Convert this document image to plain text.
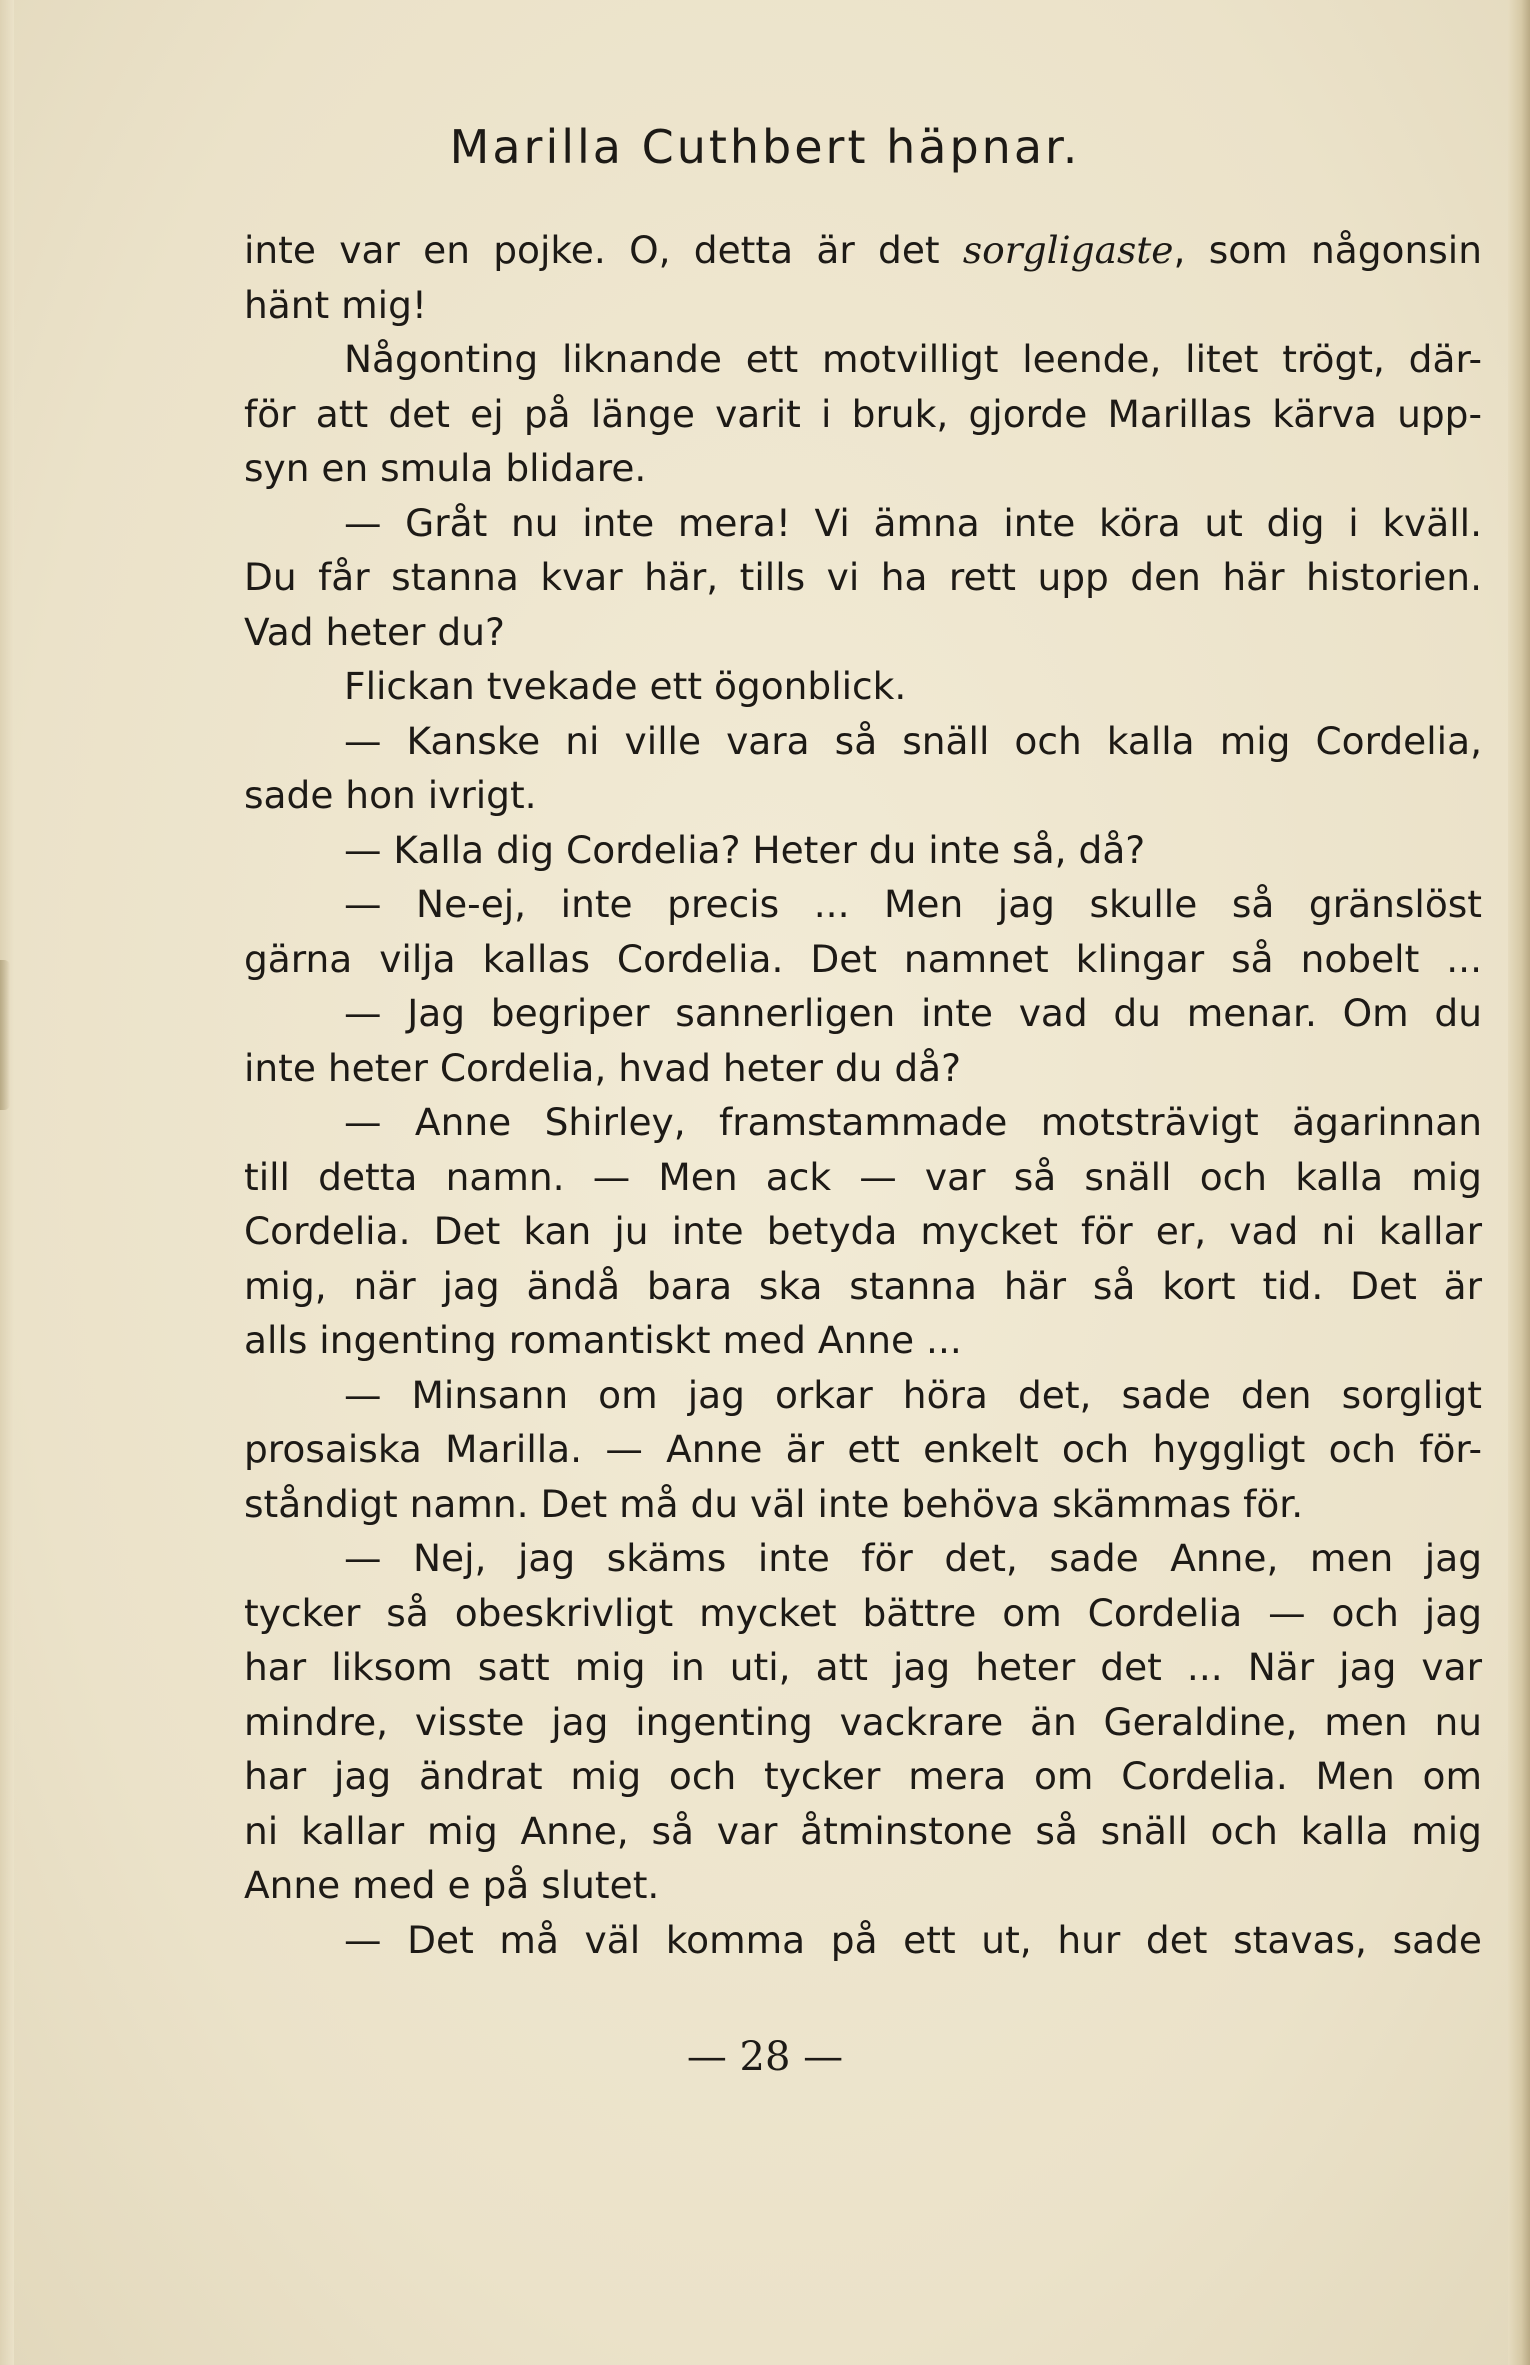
Marilla Cuthbert häpnar.
inte var en pojke. O, detta är det sorgligaste, som någonsin
hänt mig!
Någonting liknande ett motvilligt leende, litet trögt, där-
för att det ej på länge varit i bruk, gjorde Marillas kärva upp-
syn en smula blidare.
— Gråt nu inte mera! Vi ämna inte köra ut dig i kväll.
Du får stanna kvar här, tills vi ha rett upp den här historien.
Vad heter du?
Flickan tvekade ett ögonblick.
— Kanske ni ville vara så snäll och kalla mig Cordelia,
sade hon ivrigt.
— Kalla dig Cordelia? Heter du inte så, då?
— Ne-ej, inte precis ... Men jag skulle så gränslöst
gärna vilja kallas Cordelia. Det namnet klingar så nobelt ...
— Jag begriper sannerligen inte vad du menar. Om du
inte heter Cordelia, hvad heter du då?
— Anne Shirley, framstammade motsträvigt ägarinnan
till detta namn. — Men ack — var så snäll och kalla mig
Cordelia. Det kan ju inte betyda mycket för er, vad ni kallar
mig, när jag ändå bara ska stanna här så kort tid. Det är
alls ingenting romantiskt med Anne ...
— Minsann om jag orkar höra det, sade den sorgligt
prosaiska Marilla. — Anne är ett enkelt och hyggligt och för-
ståndigt namn. Det må du väl inte behöva skämmas för.
— Nej, jag skäms inte för det, sade Anne, men jag
tycker så obeskrivligt mycket bättre om Cordelia — och jag
har liksom satt mig in uti, att jag heter det ... När jag var
mindre, visste jag ingenting vackrare än Geraldine, men nu
har jag ändrat mig och tycker mera om Cordelia. Men om
ni kallar mig Anne, så var åtminstone så snäll och kalla mig
Anne med e på slutet.
— Det må väl komma på ett ut, hur det stavas, sade
— 28 —
